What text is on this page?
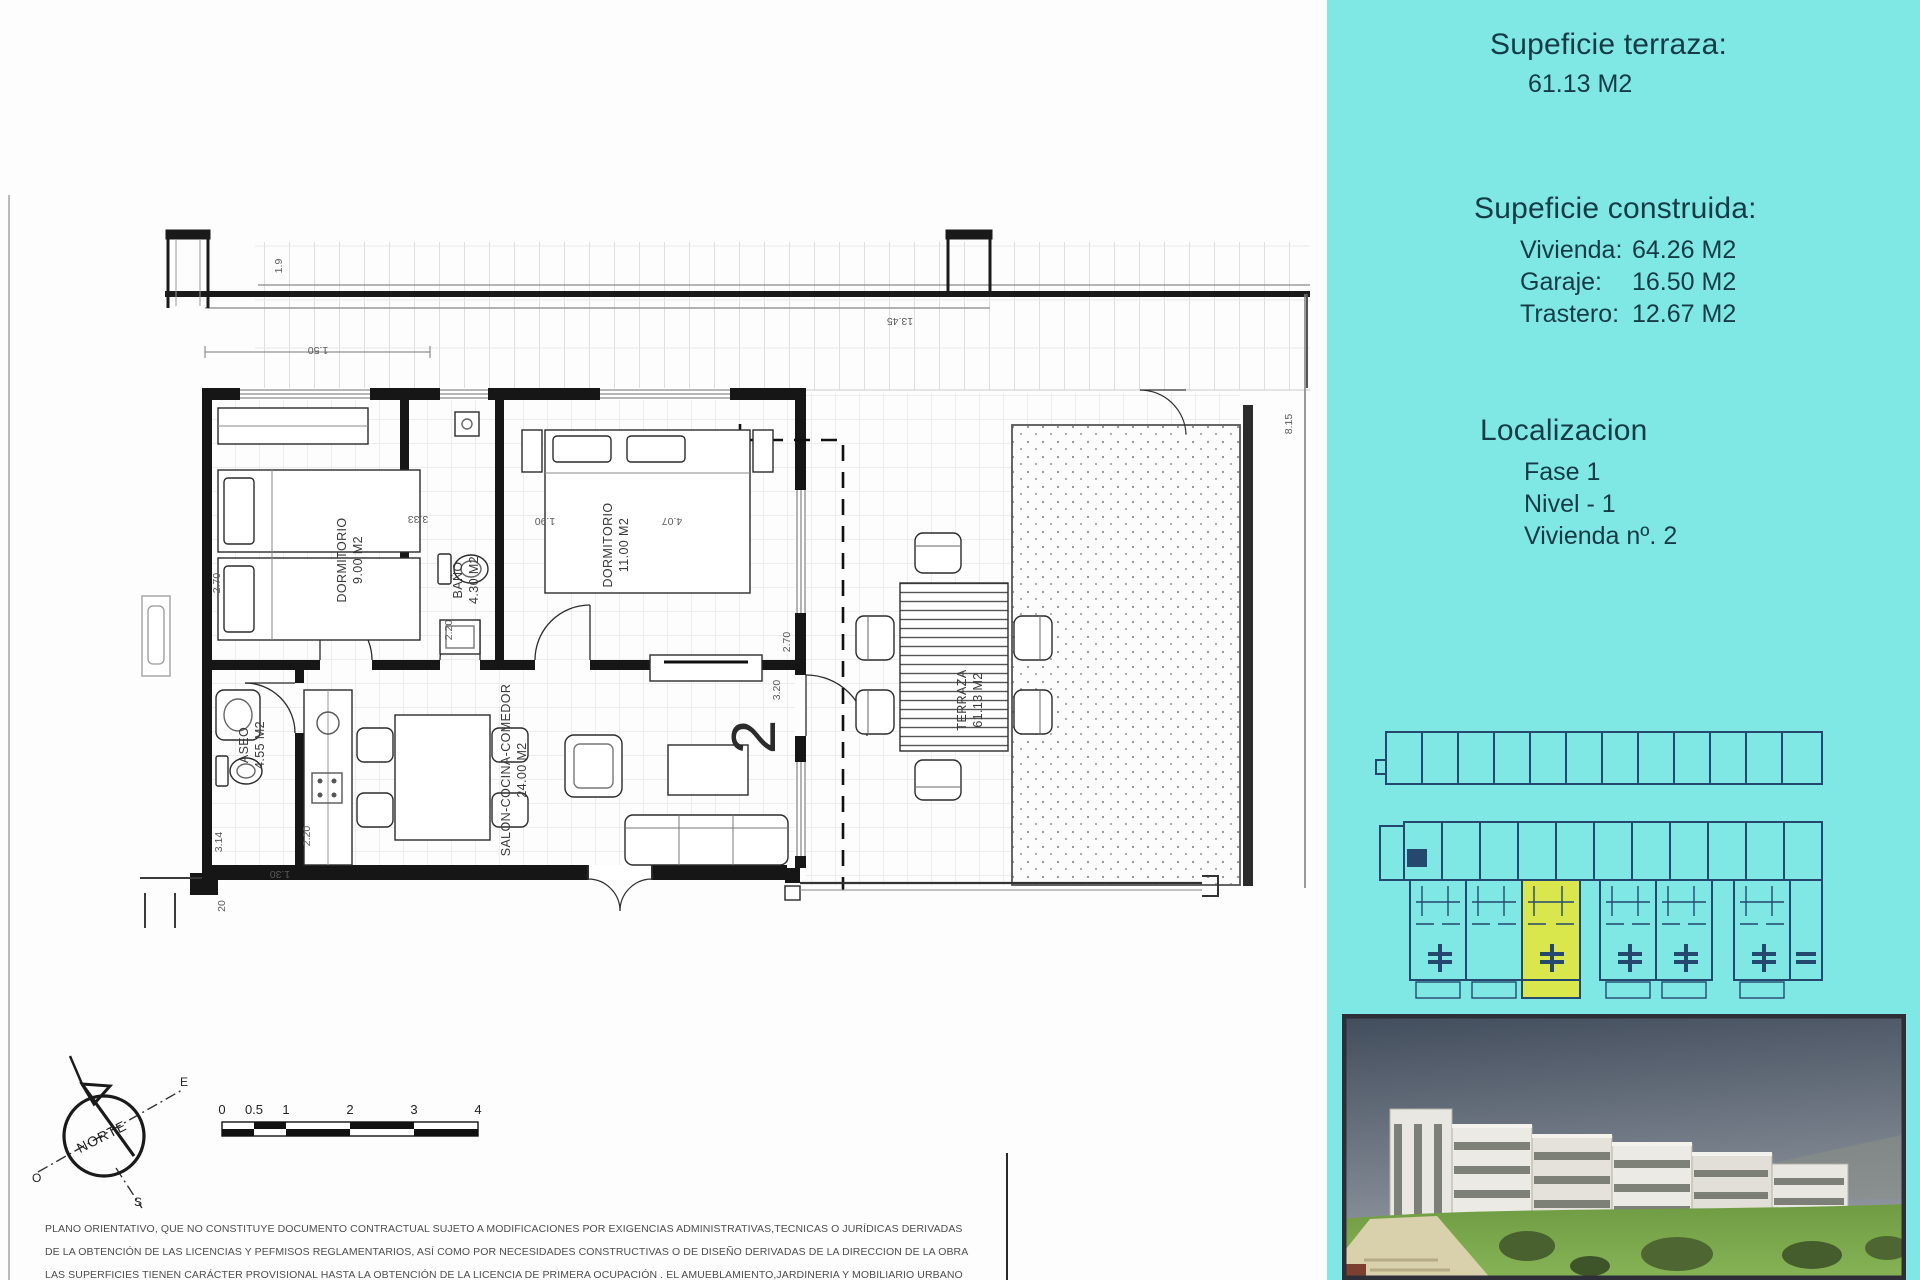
DORMITORIO 9.00 M2	BAÑO 4.30 M2	DORMITORIO 11.00 M2
ASEO 4.55 M2	SALON-COCINA-COMEDOR 24.00 M2
TERRAZA 61.13 M2
2
13.45
1.9
1.50
3.33	1.90	4.07
2.70
2.70
3.20
2.20
2.20
8.15
3.14
1.30
20
NORTE
E
O
S
0 0.5 1	2	3	4
PLANO ORIENTATIVO, QUE NO CONSTITUYE DOCUMENTO CONTRACTUAL SUJETO A MODIFICACIONES POR EXIGENCIAS ADMINISTRATIVAS,TECNICAS O JURÍDICAS DERIVADAS
DE LA OBTENCIÓN DE LAS LICENCIAS Y PEFMISOS REGLAMENTARIOS, ASÍ COMO POR NECESIDADES CONSTRUCTIVAS O DE DISEÑO DERIVADAS DE LA DIRECCION DE LA OBRA
LAS SUPERFICIES TIENEN CARÁCTER PROVISIONAL HASTA LA OBTENCIÓN DE LA LICENCIA DE PRIMERA OCUPACIÓN . EL AMUEBLAMIENTO,JARDINERIA Y MOBILIARIO URBANO
Supeficie terraza:
61.13 M2
Supeficie construida:
Vivienda: 64.26 M2
Garaje:	16.50 M2
Trastero: 12.67 M2
Localizacion
Fase 1
Nivel - 1
Vivienda nº. 2
